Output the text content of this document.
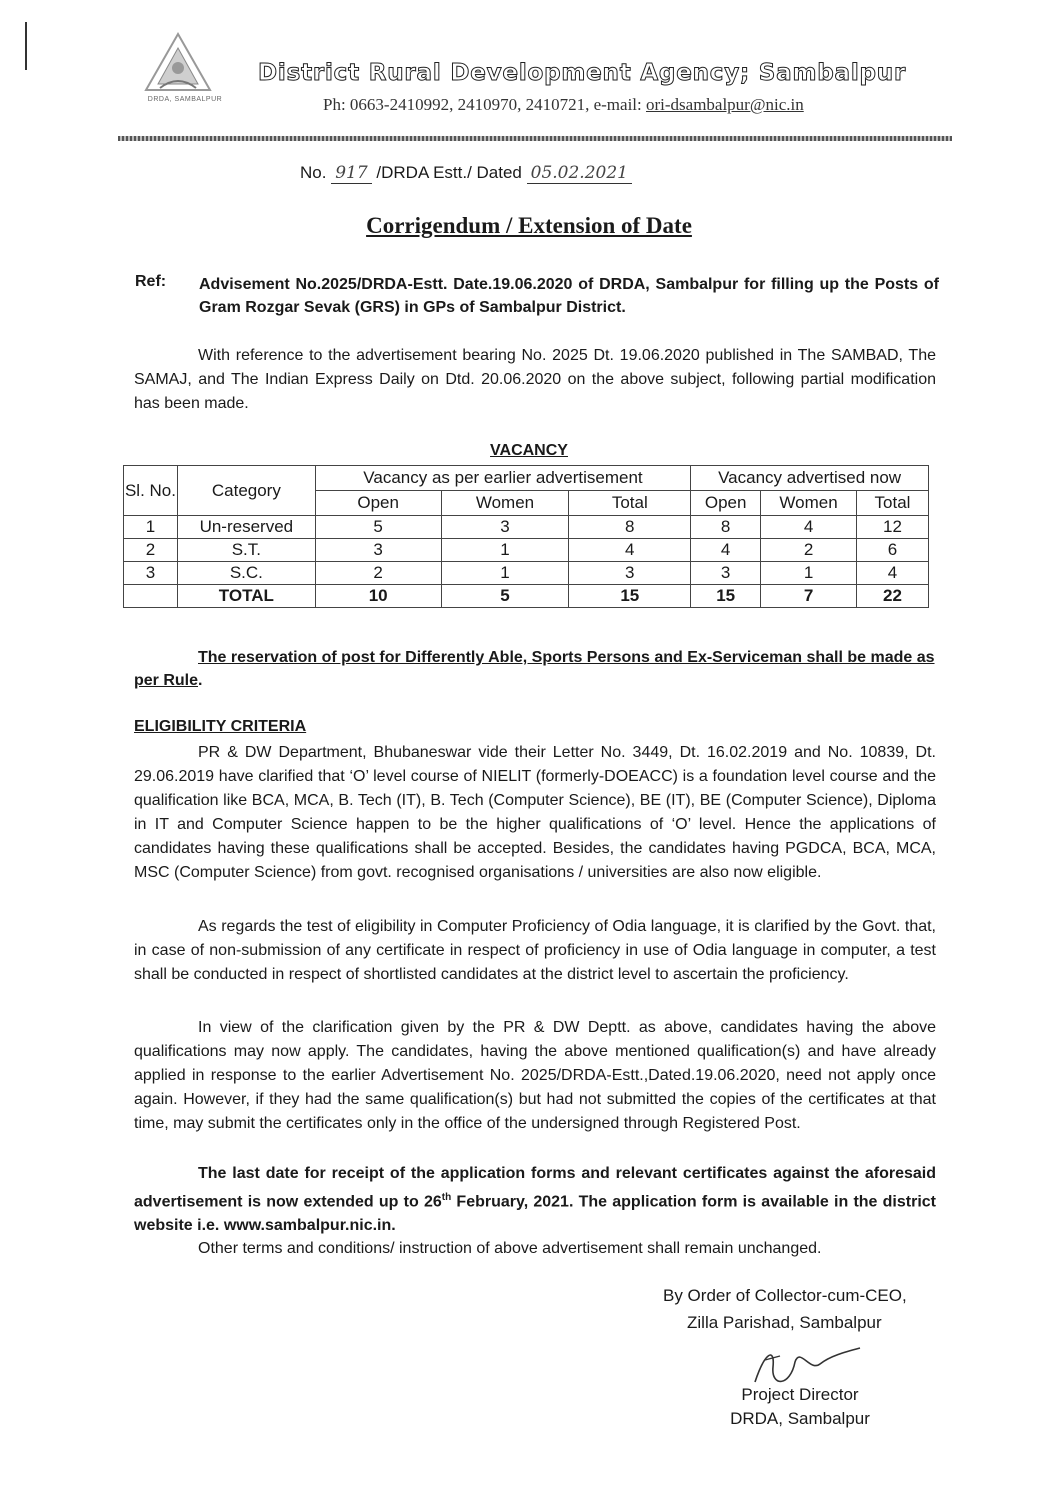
DRDA, SAMBALPUR
District Rural Development Agency; Sambalpur
Ph: 0663-2410992, 2410970, 2410721, e-mail: ori-dsambalpur@nic.in
No. 917 /DRDA Estt./ Dated 05.02.2021
Corrigendum / Extension of Date
Ref: Advisement No.2025/DRDA-Estt. Date.19.06.2020 of DRDA, Sambalpur for filling up the Posts of Gram Rozgar Sevak (GRS) in GPs of Sambalpur District.
With reference to the advertisement bearing No. 2025 Dt. 19.06.2020 published in The SAMBAD, The SAMAJ, and The Indian Express Daily on Dtd. 20.06.2020 on the above subject, following partial modification has been made.
VACANCY
Sl. No.	Category	Vacancy as per earlier advertisement			Vacancy advertised now		
		Open	Women	Total	Open	Women	Total
1	Un-reserved	5	3	8	8	4	12
2	S.T.	3	1	4	4	2	6
3	S.C.	2	1	3	3	1	4
	TOTAL	10	5	15	15	7	22
The reservation of post for Differently Able, Sports Persons and Ex-Serviceman shall be made as per Rule.
ELIGIBILITY CRITERIA
PR & DW Department, Bhubaneswar vide their Letter No. 3449, Dt. 16.02.2019 and No. 10839, Dt. 29.06.2019 have clarified that ‘O’ level course of NIELIT (formerly-DOEACC) is a foundation level course and the qualification like BCA, MCA, B. Tech (IT), B. Tech (Computer Science), BE (IT), BE (Computer Science), Diploma in IT and Computer Science happen to be the higher qualifications of ‘O’ level. Hence the applications of candidates having these qualifications shall be accepted. Besides, the candidates having PGDCA, BCA, MCA, MSC (Computer Science) from govt. recognised organisations / universities are also now eligible.
As regards the test of eligibility in Computer Proficiency of Odia language, it is clarified by the Govt. that, in case of non-submission of any certificate in respect of proficiency in use of Odia language in computer, a test shall be conducted in respect of shortlisted candidates at the district level to ascertain the proficiency.
In view of the clarification given by the PR & DW Deptt. as above, candidates having the above qualifications may now apply. The candidates, having the above mentioned qualification(s) and have already applied in response to the earlier Advertisement No. 2025/DRDA-Estt.,Dated.19.06.2020, need not apply once again. However, if they had the same qualification(s) but had not submitted the copies of the certificates at that time, may submit the certificates only in the office of the undersigned through Registered Post.
The last date for receipt of the application forms and relevant certificates against the aforesaid advertisement is now extended up to 26th February, 2021. The application form is available in the district website i.e. www.sambalpur.nic.in.
Other terms and conditions/ instruction of above advertisement shall remain unchanged.
By Order of Collector-cum-CEO,
Zilla Parishad, Sambalpur
Project Director
DRDA, Sambalpur
